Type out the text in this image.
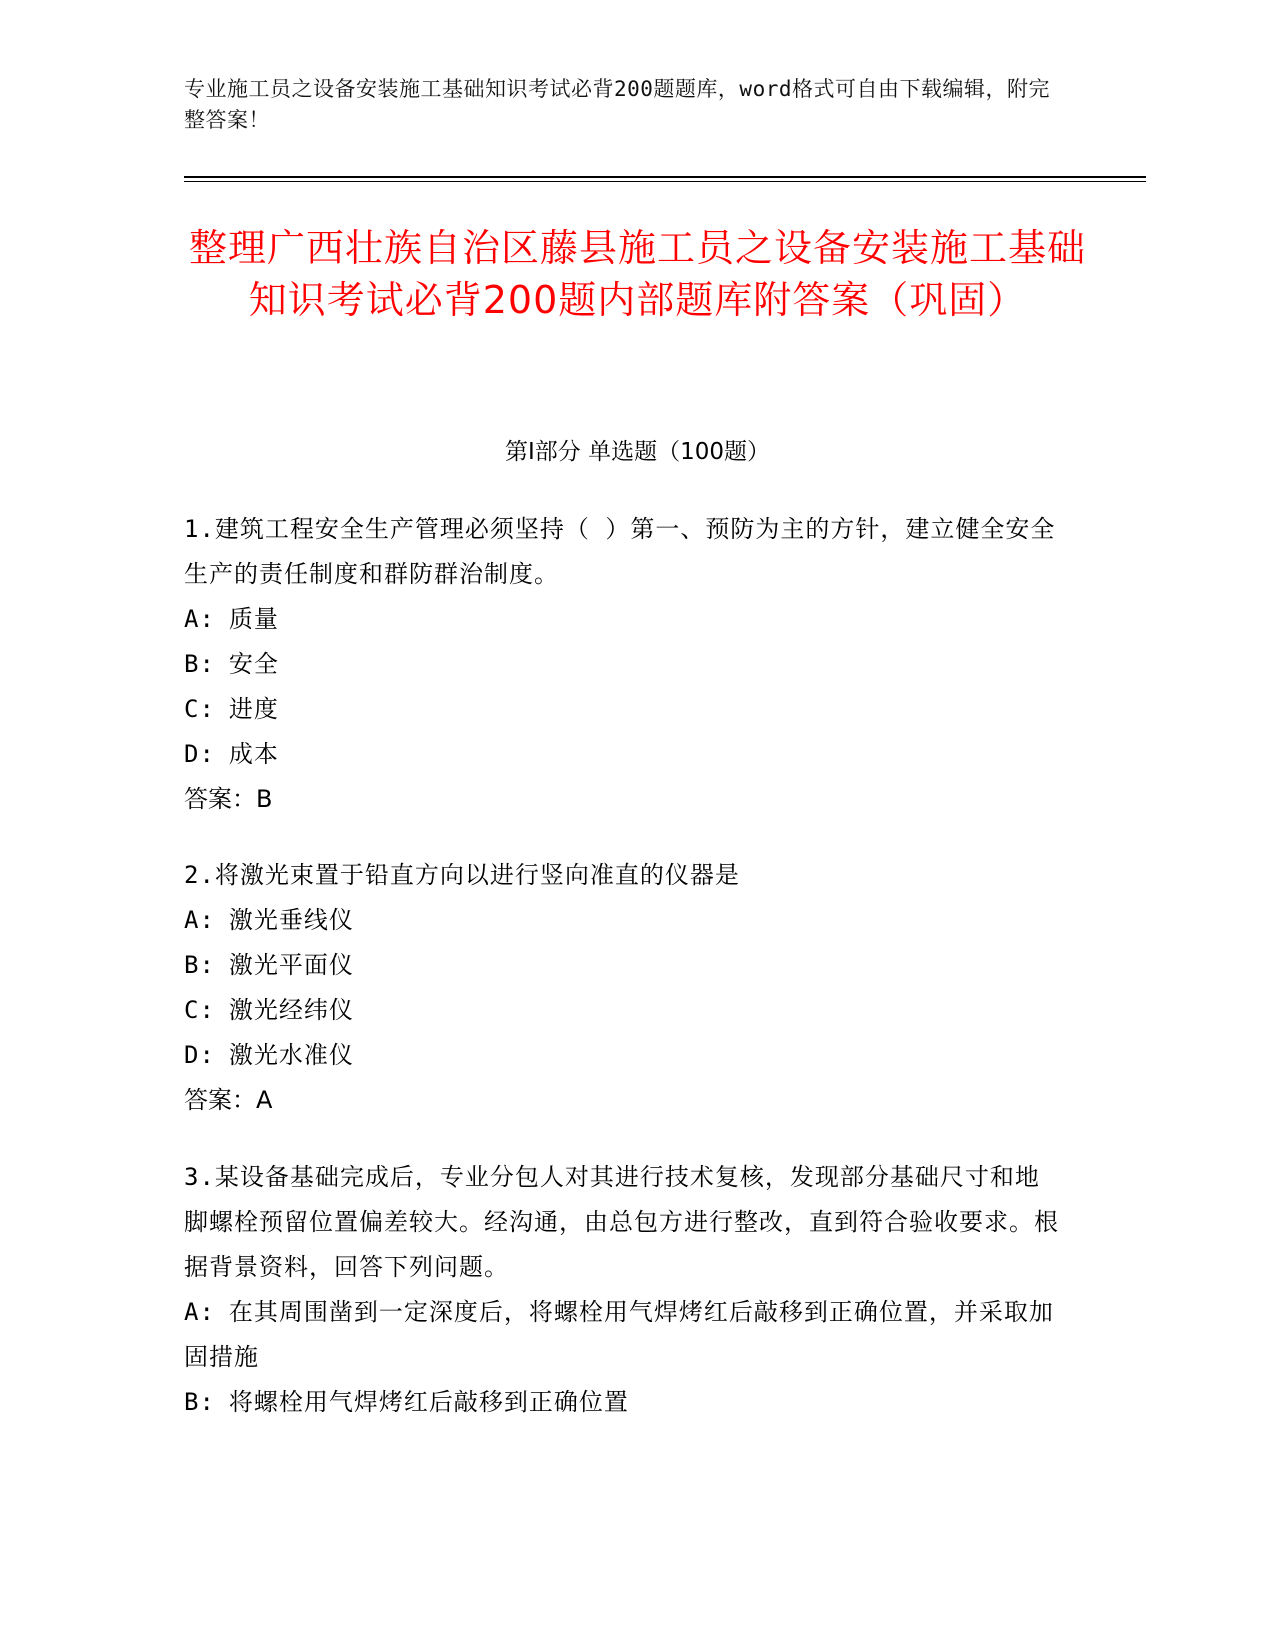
专业施工员之设备安装施工基础知识考试必背200题题库，word格式可自由下载编辑，附完整答案！
整理广西壮族自治区藤县施工员之设备安装施工基础知识考试必背200题内部题库附答案（巩固）
第Ⅰ部分 单选题（100题）

1.建筑工程安全生产管理必须坚持（ ）第一、预防为主的方针，建立健全安全生产的责任制度和群防群治制度。

A: 质量

B: 安全

C: 进度

D: 成本

答案：B

2.将激光束置于铅直方向以进行竖向准直的仪器是

A: 激光垂线仪

B: 激光平面仪

C: 激光经纬仪

D: 激光水准仪

答案：A

3.某设备基础完成后，专业分包人对其进行技术复核，发现部分基础尺寸和地脚螺栓预留位置偏差较大。经沟通，由总包方进行整改，直到符合验收要求。根据背景资料，回答下列问题。

A: 在其周围凿到一定深度后，将螺栓用气焊烤红后敲移到正确位置，并采取加固措施

B: 将螺栓用气焊烤红后敲移到正确位置
